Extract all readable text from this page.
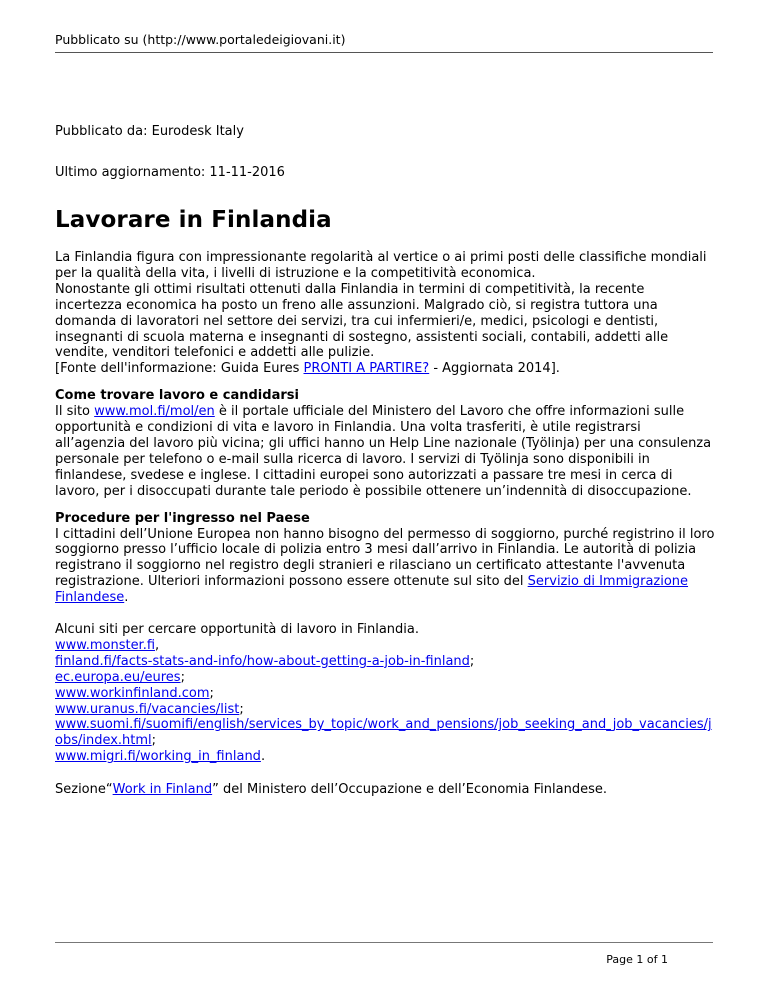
Pubblicato su (http://www.portaledeigiovani.it)
Pubblicato da: Eurodesk Italy
Ultimo aggiornamento: 11-11-2016
Lavorare in Finlandia

La Finlandia figura con impressionante regolarità al vertice o ai primi posti delle classifiche mondiali per la qualità della vita, i livelli di istruzione e la competitività economica.
Nonostante gli ottimi risultati ottenuti dalla Finlandia in termini di competitività, la recente incertezza economica ha posto un freno alle assunzioni. Malgrado ciò, si registra tuttora una domanda di lavoratori nel settore dei servizi, tra cui infermieri/e, medici, psicologi e dentisti, insegnanti di scuola materna e insegnanti di sostegno, assistenti sociali, contabili, addetti alle vendite, venditori telefonici e addetti alle pulizie.
[Fonte dell'informazione: Guida Eures PRONTI A PARTIRE? - Aggiornata 2014].

Come trovare lavoro e candidarsi
Il sito www.mol.fi/mol/en è il portale ufficiale del Ministero del Lavoro che offre informazioni sulle opportunità e condizioni di vita e lavoro in Finlandia. Una volta trasferiti, è utile registrarsi all’agenzia del lavoro più vicina; gli uffici hanno un Help Line nazionale (Työlinja) per una consulenza personale per telefono o e-mail sulla ricerca di lavoro. I servizi di Työlinja sono disponibili in finlandese, svedese e inglese. I cittadini europei sono autorizzati a passare tre mesi in cerca di lavoro, per i disoccupati durante tale periodo è possibile ottenere un’indennità di disoccupazione.

Procedure per l'ingresso nel Paese
I cittadini dell’Unione Europea non hanno bisogno del permesso di soggiorno, purché registrino il loro soggiorno presso l’ufficio locale di polizia entro 3 mesi dall’arrivo in Finlandia. Le autorità di polizia registrano il soggiorno nel registro degli stranieri e rilasciano un certificato attestante l'avvenuta registrazione. Ulteriori informazioni possono essere ottenute sul sito del Servizio di Immigrazione Finlandese.

Alcuni siti per cercare opportunità di lavoro in Finlandia.
www.monster.fi,
finland.fi/facts-stats-and-info/how-about-getting-a-job-in-finland;
ec.europa.eu/eures;
www.workinfinland.com;
www.uranus.fi/vacancies/list;
www.suomi.fi/suomifi/english/services_by_topic/work_and_pensions/job_seeking_and_job_vacancies/j
obs/index.html;
www.migri.fi/working_in_finland.

Sezione“Work in Finland” del Ministero dell’Occupazione e dell’Economia Finlandese.

Page 1 of 1
